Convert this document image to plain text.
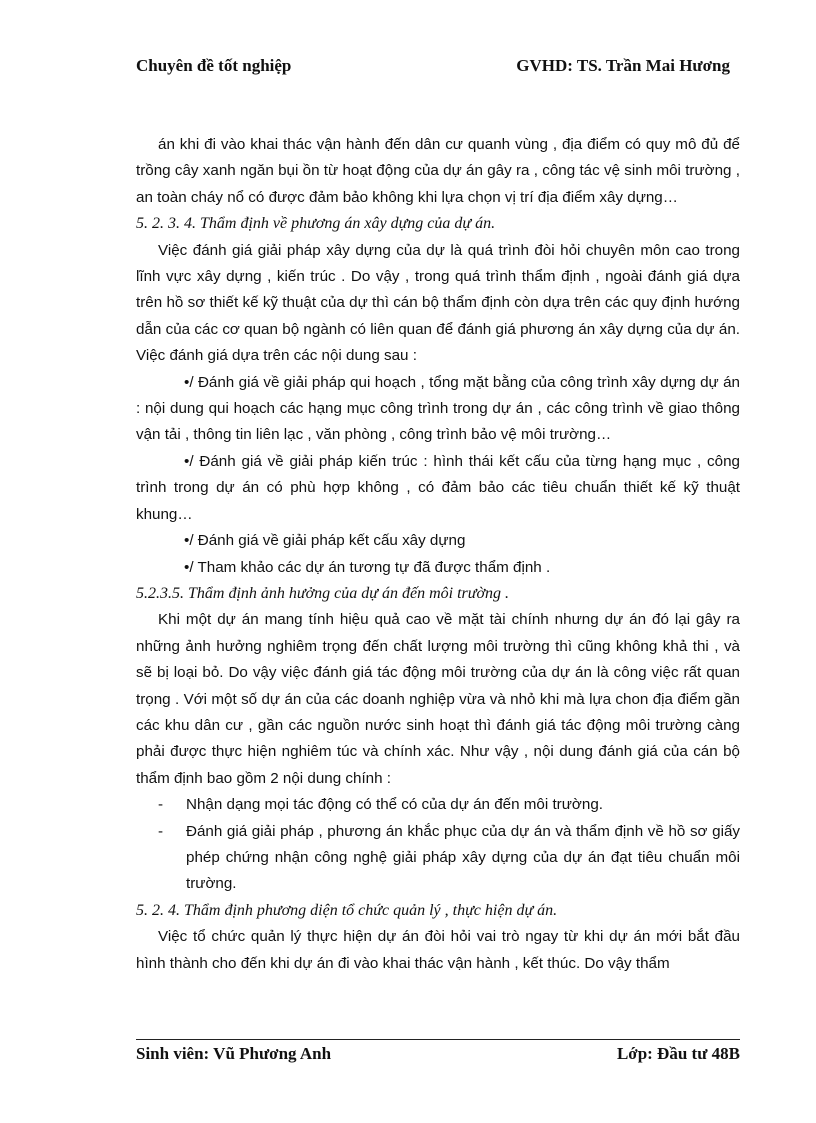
Chuyên đề tốt nghiệp	GVHD: TS. Trần Mai Hương

án khi đi vào khai thác vận hành đến dân cư quanh vùng , địa điểm có quy mô đủ để trồng cây xanh ngăn bụi ồn từ hoạt động của dự án gây ra , công tác vệ sinh môi trường , an toàn cháy nổ có được đảm bảo không khi lựa chọn vị trí địa điểm xây dựng…

5. 2. 3. 4. Thẩm định về phương án xây dựng của dự án.

Việc đánh giá giải pháp xây dựng của dự là quá trình đòi hỏi chuyên môn cao trong lĩnh vực xây dựng , kiến trúc . Do vậy , trong quá trình thẩm định , ngoài đánh giá dựa trên hồ sơ thiết kế kỹ thuật của dự thì cán bộ thẩm định còn dựa trên các quy định hướng dẫn của các cơ quan bộ ngành có liên quan để đánh giá phương án xây dựng của dự án. Việc đánh giá dựa trên các nội dung sau :

•/ Đánh giá về giải pháp qui hoạch , tổng mặt bằng của công trình xây dựng dự án : nội dung qui hoạch các hạng mục công trình trong dự án , các công trình về giao thông vận tải , thông tin liên lạc , văn phòng , công trình bảo vệ môi trường…

•/ Đánh giá về giải pháp kiến trúc : hình thái kết cấu của từng hạng mục , công trình trong dự án có phù hợp không , có đảm bảo các tiêu chuẩn thiết kế kỹ thuật khung…

•/ Đánh giá về giải pháp kết cấu xây dựng

•/ Tham khảo các dự án tương tự đã được thẩm định .

5.2.3.5. Thẩm định ảnh hưởng của dự án đến môi trường .

Khi một dự án mang tính hiệu quả cao về mặt tài chính nhưng dự án đó lại gây ra những ảnh hưởng nghiêm trọng đến chất lượng môi trường thì cũng không khả thi , và sẽ bị loại bỏ. Do vậy việc đánh giá tác động môi trường của dự án là công việc rất quan trọng . Với một số dự án của các doanh nghiệp vừa và nhỏ khi mà lựa chon địa điểm gần các khu dân cư , gần các nguồn nước sinh hoạt thì đánh giá tác động môi trường càng phải được thực hiện nghiêm túc và chính xác. Như vậy , nội dung đánh giá của cán bộ thẩm định bao gồm 2 nội dung chính :

- Nhận dạng mọi tác động có thể có của dự án đến môi trường.

- Đánh giá giải pháp , phương án khắc phục của dự án và thẩm định về hồ sơ giấy phép chứng nhận công nghệ giải pháp xây dựng của dự án đạt tiêu chuẩn môi trường.

5. 2. 4. Thẩm định phương diện tổ chức quản lý , thực hiện dự án.

Việc tổ chức quản lý thực hiện dự án đòi hỏi vai trò ngay từ khi dự án mới bắt đầu hình thành cho đến khi dự án đi vào khai thác vận hành , kết thúc. Do vậy thẩm

Sinh viên: Vũ Phương Anh	Lớp: Đầu tư 48B
